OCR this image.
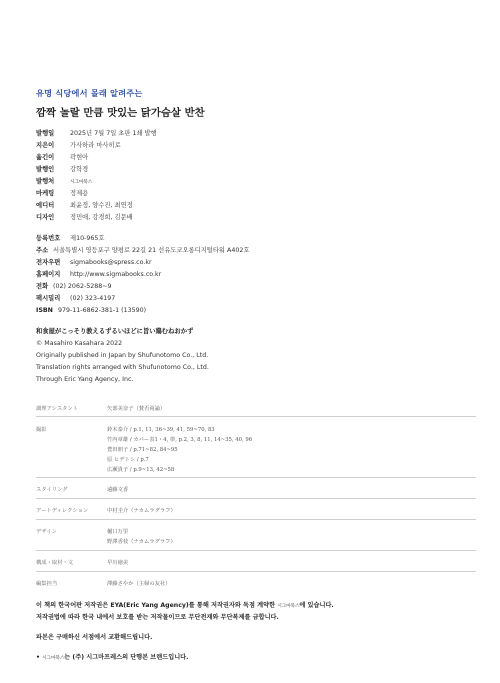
유명 식당에서 몰래 알려주는
깜짝 놀랄 만큼 맛있는 닭가슴살 반찬
발행일	2025년 7월 7일 초판 1쇄 발행
지은이	가사하라 마사히로
옮긴이	곽현아
발행인	강학경
발행처	시그마북스
마케팅	정제용
에디터	최윤정, 양수진, 최연정
디자인	정민애, 강경희, 김문배
등록번호 제10-965호
주소 서울특별시 영등포구 양평로 22길 21 선유도코오롱디지털타워 A402호
전자우편 sigmabooks@spress.co.kr
홈페이지 http://www.sigmabooks.co.kr
전화 (02) 2062-5288~9
팩시밀리 (02) 323-4197
ISBN 979-11-6862-381-1 (13590)
和食屋がこっそり教えるずるいほどに旨い鶏むねおかず
© Masahiro Kasahara 2022
Originally published in Japan by Shufunotomo Co., Ltd.
Translation rights arranged with Shufunotomo Co., Ltd.
Through Eric Yang Agency, Inc.
調理アシスタント	矢部美奈子（賛否両論）
撮影	鈴木泰介 / p.1, 11, 36~39, 41, 59~70, 83
竹内章雄 / カバー表1・4, 帯, p.2, 3, 8, 11, 14~35, 40, 96
豊田朋子 / p.71~82, 84~95
原 ヒデトシ / p.7
広瀬貴子 / p.9~13, 42~58
スタイリング	遠藤文香
アートディレクション	中村圭介（ナカムラグラフ）
デザイン	樋口万里
野澤香枝（ナカムラグラフ）
構成・取材・文	早川徳美
編集担当	澤藤さやか（主婦の友社）
이 책의 한국어판 저작권은 EYA(Eric Yang Agency)를 통해 저작권자와 독점 계약한 시그마북스에 있습니다.
저작권법에 따라 한국 내에서 보호를 받는 저작물이므로 무단전재와 무단복제를 금합니다.
파본은 구매하신 서점에서 교환해드립니다.
• 시그마북스는 (주) 시그마프레스의 단행본 브랜드입니다.
